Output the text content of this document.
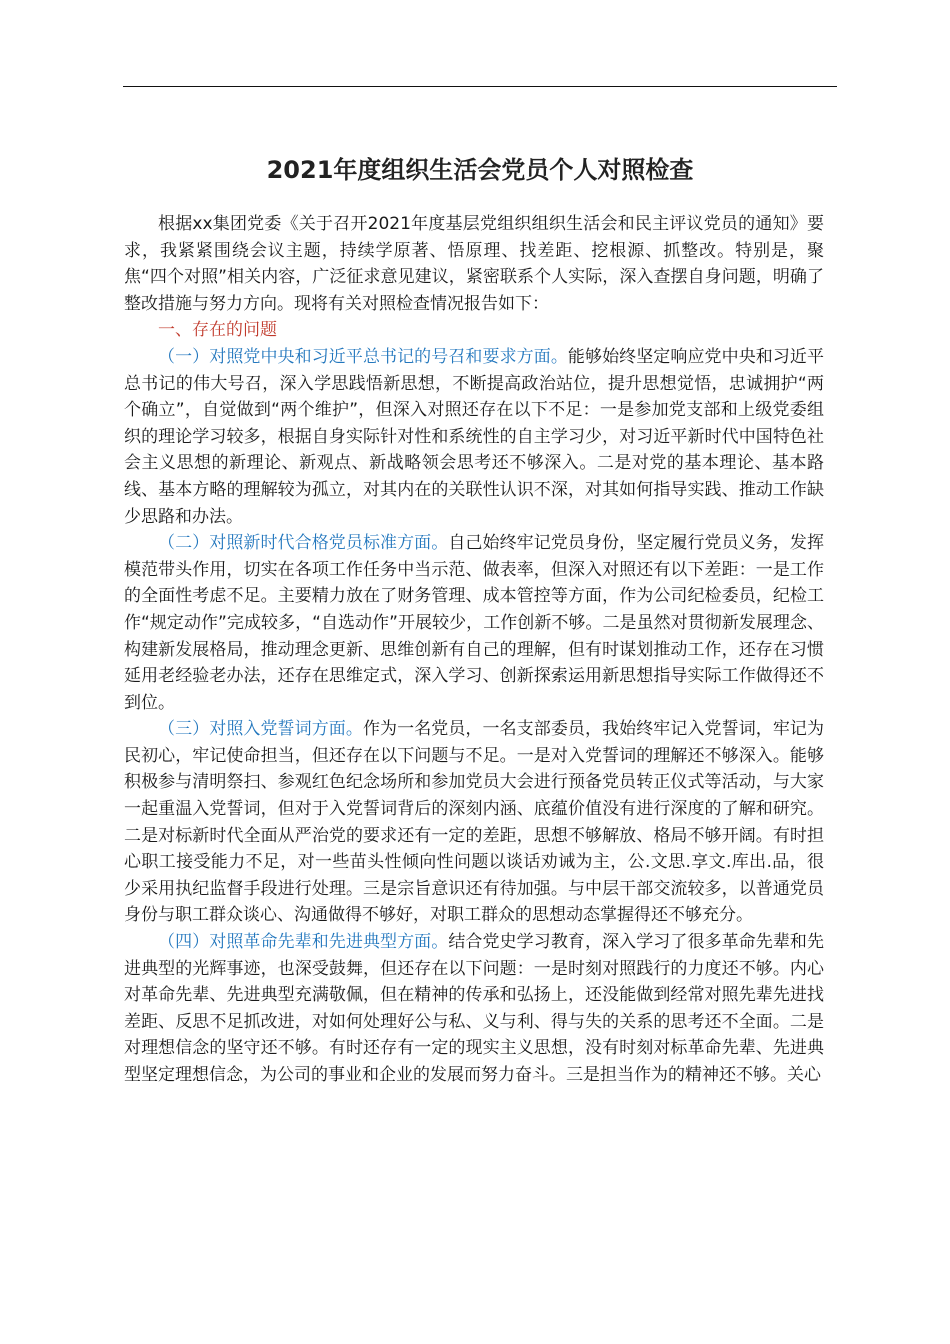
2021年度组织生活会党员个人对照检查

根据xx集团党委《关于召开2021年度基层党组织组织生活会和民主评议党员的通知》要求，我紧紧围绕会议主题，持续学原著、悟原理、找差距、挖根源、抓整改。特别是，聚焦“四个对照”相关内容，广泛征求意见建议，紧密联系个人实际，深入查摆自身问题，明确了整改措施与努力方向。现将有关对照检查情况报告如下：

一、存在的问题

（一）对照党中央和习近平总书记的号召和要求方面。能够始终坚定响应党中央和习近平总书记的伟大号召，深入学思践悟新思想，不断提高政治站位，提升思想觉悟，忠诚拥护“两个确立”，自觉做到“两个维护”，但深入对照还存在以下不足：一是参加党支部和上级党委组织的理论学习较多，根据自身实际针对性和系统性的自主学习少，对习近平新时代中国特色社会主义思想的新理论、新观点、新战略领会思考还不够深入。二是对党的基本理论、基本路线、基本方略的理解较为孤立，对其内在的关联性认识不深，对其如何指导实践、推动工作缺少思路和办法。

（二）对照新时代合格党员标准方面。自己始终牢记党员身份，坚定履行党员义务，发挥模范带头作用，切实在各项工作任务中当示范、做表率，但深入对照还有以下差距：一是工作的全面性考虑不足。主要精力放在了财务管理、成本管控等方面，作为公司纪检委员，纪检工作“规定动作”完成较多，“自选动作”开展较少，工作创新不够。二是虽然对贯彻新发展理念、构建新发展格局，推动理念更新、思维创新有自己的理解，但有时谋划推动工作，还存在习惯延用老经验老办法，还存在思维定式，深入学习、创新探索运用新思想指导实际工作做得还不到位。

（三）对照入党誓词方面。作为一名党员，一名支部委员，我始终牢记入党誓词，牢记为民初心，牢记使命担当，但还存在以下问题与不足。一是对入党誓词的理解还不够深入。能够积极参与清明祭扫、参观红色纪念场所和参加党员大会进行预备党员转正仪式等活动，与大家一起重温入党誓词，但对于入党誓词背后的深刻内涵、底蕴价值没有进行深度的了解和研究。二是对标新时代全面从严治党的要求还有一定的差距，思想不够解放、格局不够开阔。有时担心职工接受能力不足，对一些苗头性倾向性问题以谈话劝诫为主，公.文思.享文.库出.品，很少采用执纪监督手段进行处理。三是宗旨意识还有待加强。与中层干部交流较多，以普通党员身份与职工群众谈心、沟通做得不够好，对职工群众的思想动态掌握得还不够充分。

（四）对照革命先辈和先进典型方面。结合党史学习教育，深入学习了很多革命先辈和先进典型的光辉事迹，也深受鼓舞，但还存在以下问题：一是时刻对照践行的力度还不够。内心对革命先辈、先进典型充满敬佩，但在精神的传承和弘扬上，还没能做到经常对照先辈先进找差距、反思不足抓改进，对如何处理好公与私、义与利、得与失的关系的思考还不全面。二是对理想信念的坚守还不够。有时还存有一定的现实主义思想，没有时刻对标革命先辈、先进典型坚定理想信念，为公司的事业和企业的发展而努力奋斗。三是担当作为的精神还不够。关心
